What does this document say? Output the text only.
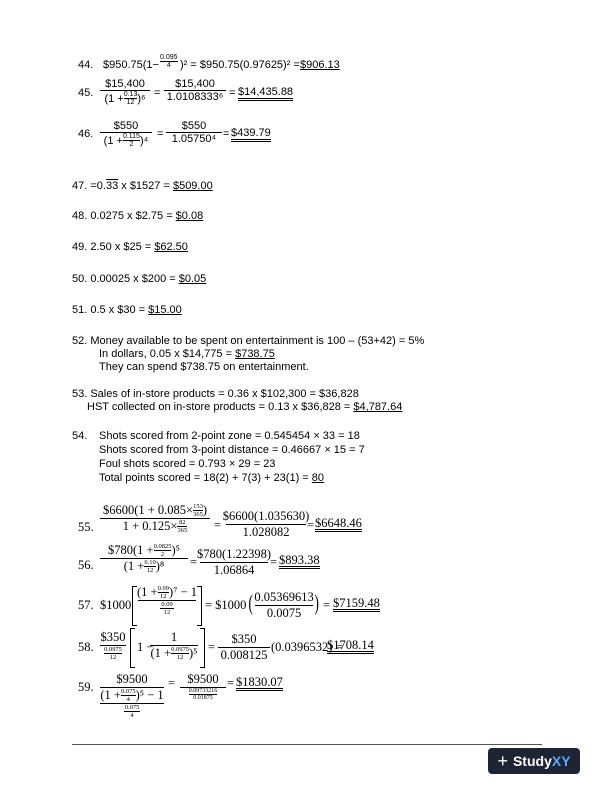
44. $950.75(1−
0.095
4 )² = $950.75(0.97625)² = $906.13
45.
$15,400
(1 + 0.13
12 )⁶ =
$15,400
1.0108333⁶ = $14,435.88
46.
$550
(1 + 0.115
2 )⁴
=
$550
1.05750⁴ = $439.79
47. =0.33 x $1527 = $509.00
48. 0.0275 x $2.75 = $0.08
49. 2.50 x $25 = $62.50
50. 0.00025 x $200 = $0.05
51. 0.5 x $30 = $15.00
52. Money available to be spent on entertainment is 100 – (53+42) = 5%
In dollars, 0.05 x $14,775 = $738.75
They can spend $738.75 on entertainment.
53. Sales of in-store products = 0.36 x $102,300 = $36,828
HST collected on in-store products = 0.13 x $36,828 = $4,787.64
54. Shots scored from 2-point zone = 0.545454 × 33 = 18
Shots scored from 3-point distance = 0.46667 × 15 = 7
Foul shots scored = 0.793 × 29 = 23
Total points scored = 18(2) + 7(3) + 23(1) = 80
55.
$6600(1 + 0.085× 153
365 )
1 + 0.125× 82
365 =
$6600(1.035630)
1.028082 = $6648.46
56.
$780(1 + 0.0825
2 )⁵
(1 + 0.10
12 )⁸ =
$780(1.22398)
1.06864
= $893.38
57. $1000
(1 + 0.09
12 )⁷ − 1
0.09
12
= $1000 ( 0.05369613
0.0075 ) = $7159.48
58.
$350
0.0975
12
1 −
1
(1 + 0.0975
12 )⁵ =
$350
0.008125
(0.0396532) =
$1708.14
59.
$9500
(1 + 0.075
4 )⁵ − 1
0.075
4
= $9500
0.09733216
0.01875
= $1830.07
+ Study XY
